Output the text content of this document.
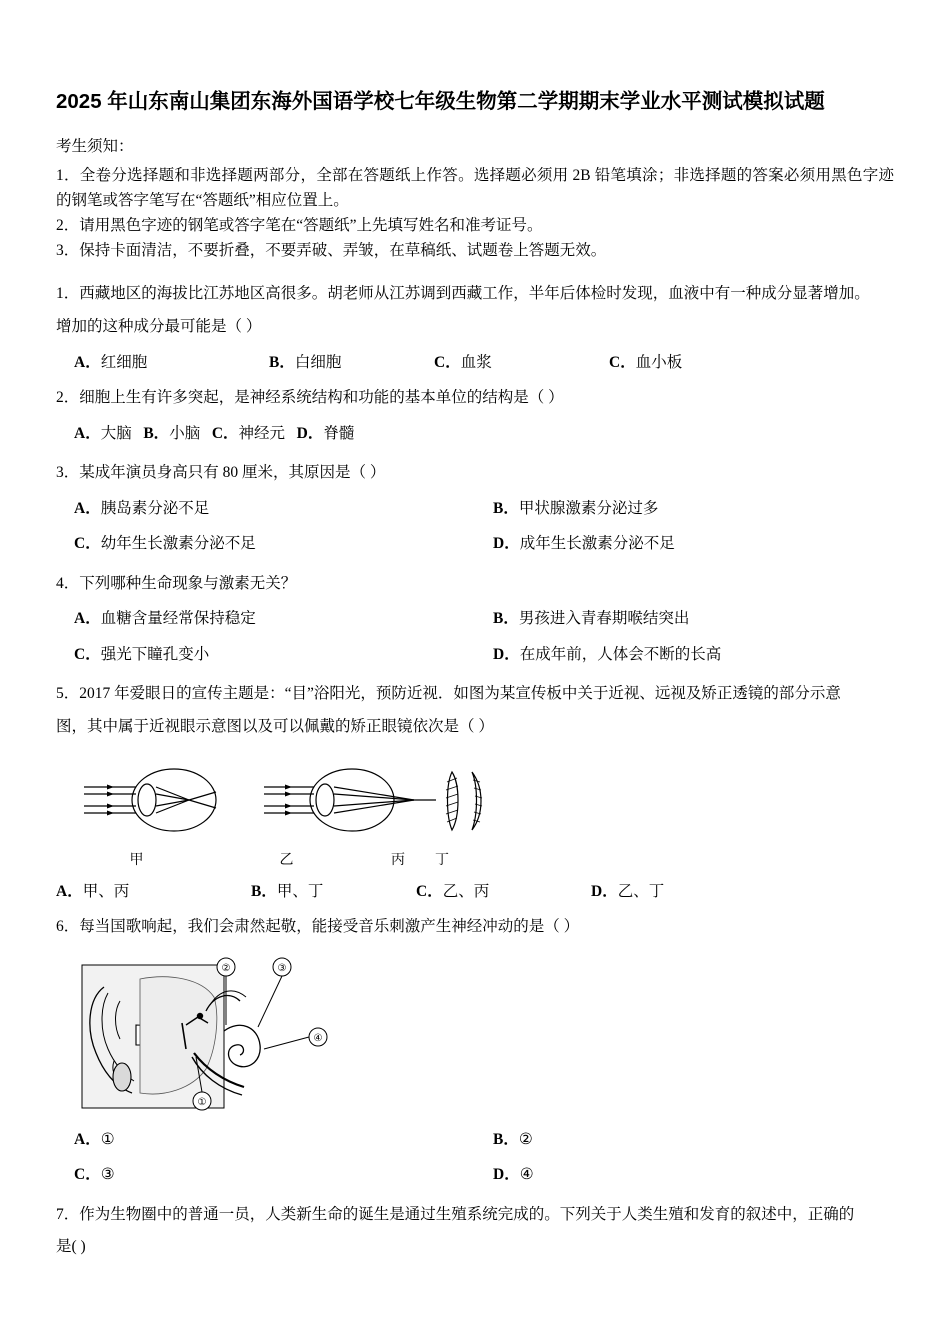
2025 年山东南山集团东海外国语学校七年级生物第二学期期末学业水平测试模拟试题

考生须知：

1．全卷分选择题和非选择题两部分，全部在答题纸上作答。选择题必须用 2B 铅笔填涂；非选择题的答案必须用黑色字迹的钢笔或答字笔写在“答题纸”相应位置上。

2．请用黑色字迹的钢笔或答字笔在“答题纸”上先填写姓名和准考证号。

3．保持卡面清洁，不要折叠，不要弄破、弄皱，在草稿纸、试题卷上答题无效。

1．西藏地区的海拔比江苏地区高很多。胡老师从江苏调到西藏工作，半年后体检时发现，血液中有一种成分显著增加。

增加的这种成分最可能是（ ）

A．红细胞	B．白细胞	C．血浆	C．血小板

2．细胞上生有许多突起，是神经系统结构和功能的基本单位的结构是（ ）

A．大脑 B．小脑 C．神经元 D．脊髓

3．某成年演员身高只有 80 厘米，其原因是（ ）

A．胰岛素分泌不足	B．甲状腺激素分泌过多
C．幼年生长激素分泌不足	D．成年生长激素分泌不足

4．下列哪种生命现象与激素无关？

A．血糖含量经常保持稳定	B．男孩进入青春期喉结突出
C．强光下瞳孔变小	D．在成年前，人体会不断的长高

5．2017 年爱眼日的宣传主题是：“目”浴阳光，预防近视．如图为某宣传板中关于近视、远视及矫正透镜的部分示意

图，其中属于近视眼示意图以及可以佩戴的矫正眼镜依次是（ ）

甲	乙	丙	丁
A．甲、丙	B．甲、丁	C．乙、丙	D．乙、丁

6．每当国歌响起，我们会肃然起敬，能接受音乐刺激产生神经冲动的是（ ）

②	③
④
①
A．①	B．②
C．③	D．④

7．作为生物圈中的普通一员，人类新生命的诞生是通过生殖系统完成的。下列关于人类生殖和发育的叙述中，正确的

是( )
